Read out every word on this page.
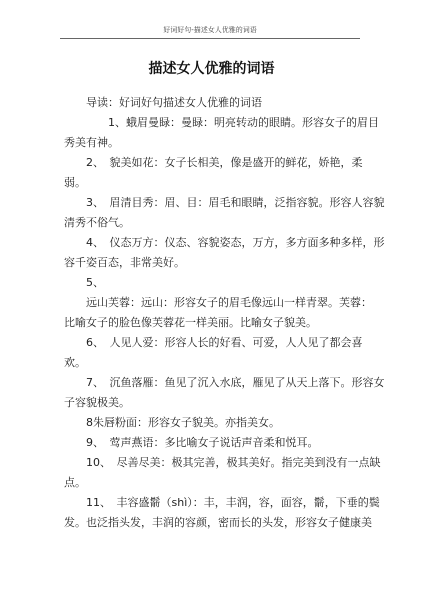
好词好句-描述女人优雅的词语
描述女人优雅的词语
导读：好词好句描述女人优雅的词语
1、蛾眉曼睩：曼睩：明亮转动的眼睛。形容女子的眉目
秀美有神。
2、　貌美如花：女子长相美，像是盛开的鲜花，娇艳，柔
弱。
3、　眉清目秀：眉、目：眉毛和眼睛，泛指容貌。形容人容貌
清秀不俗气。
4、　仪态万方：仪态、容貌姿态，万方，多方面多种多样，形
容千姿百态，非常美好。
5、
远山芙蓉：远山：形容女子的眉毛像远山一样青翠。芙蓉：
比喻女子的脸色像芙蓉花一样美丽。比喻女子貌美。
6、　人见人爱：形容人长的好看、可爱，人人见了都会喜
欢。
7、　沉鱼落雁：鱼见了沉入水底，雁见了从天上落下。形容女
子容貌极美。
8朱唇粉面：形容女子貌美。亦指美女。
9、　莺声燕语：多比喻女子说话声音柔和悦耳。
10、　尽善尽美：极其完善，极其美好。指完美到没有一点缺
点。
11、　丰容盛鬋（shì）：丰，丰润，容，面容，鬋，下垂的鬓
发。也泛指头发，丰润的容颜，密而长的头发，形容女子健康美
